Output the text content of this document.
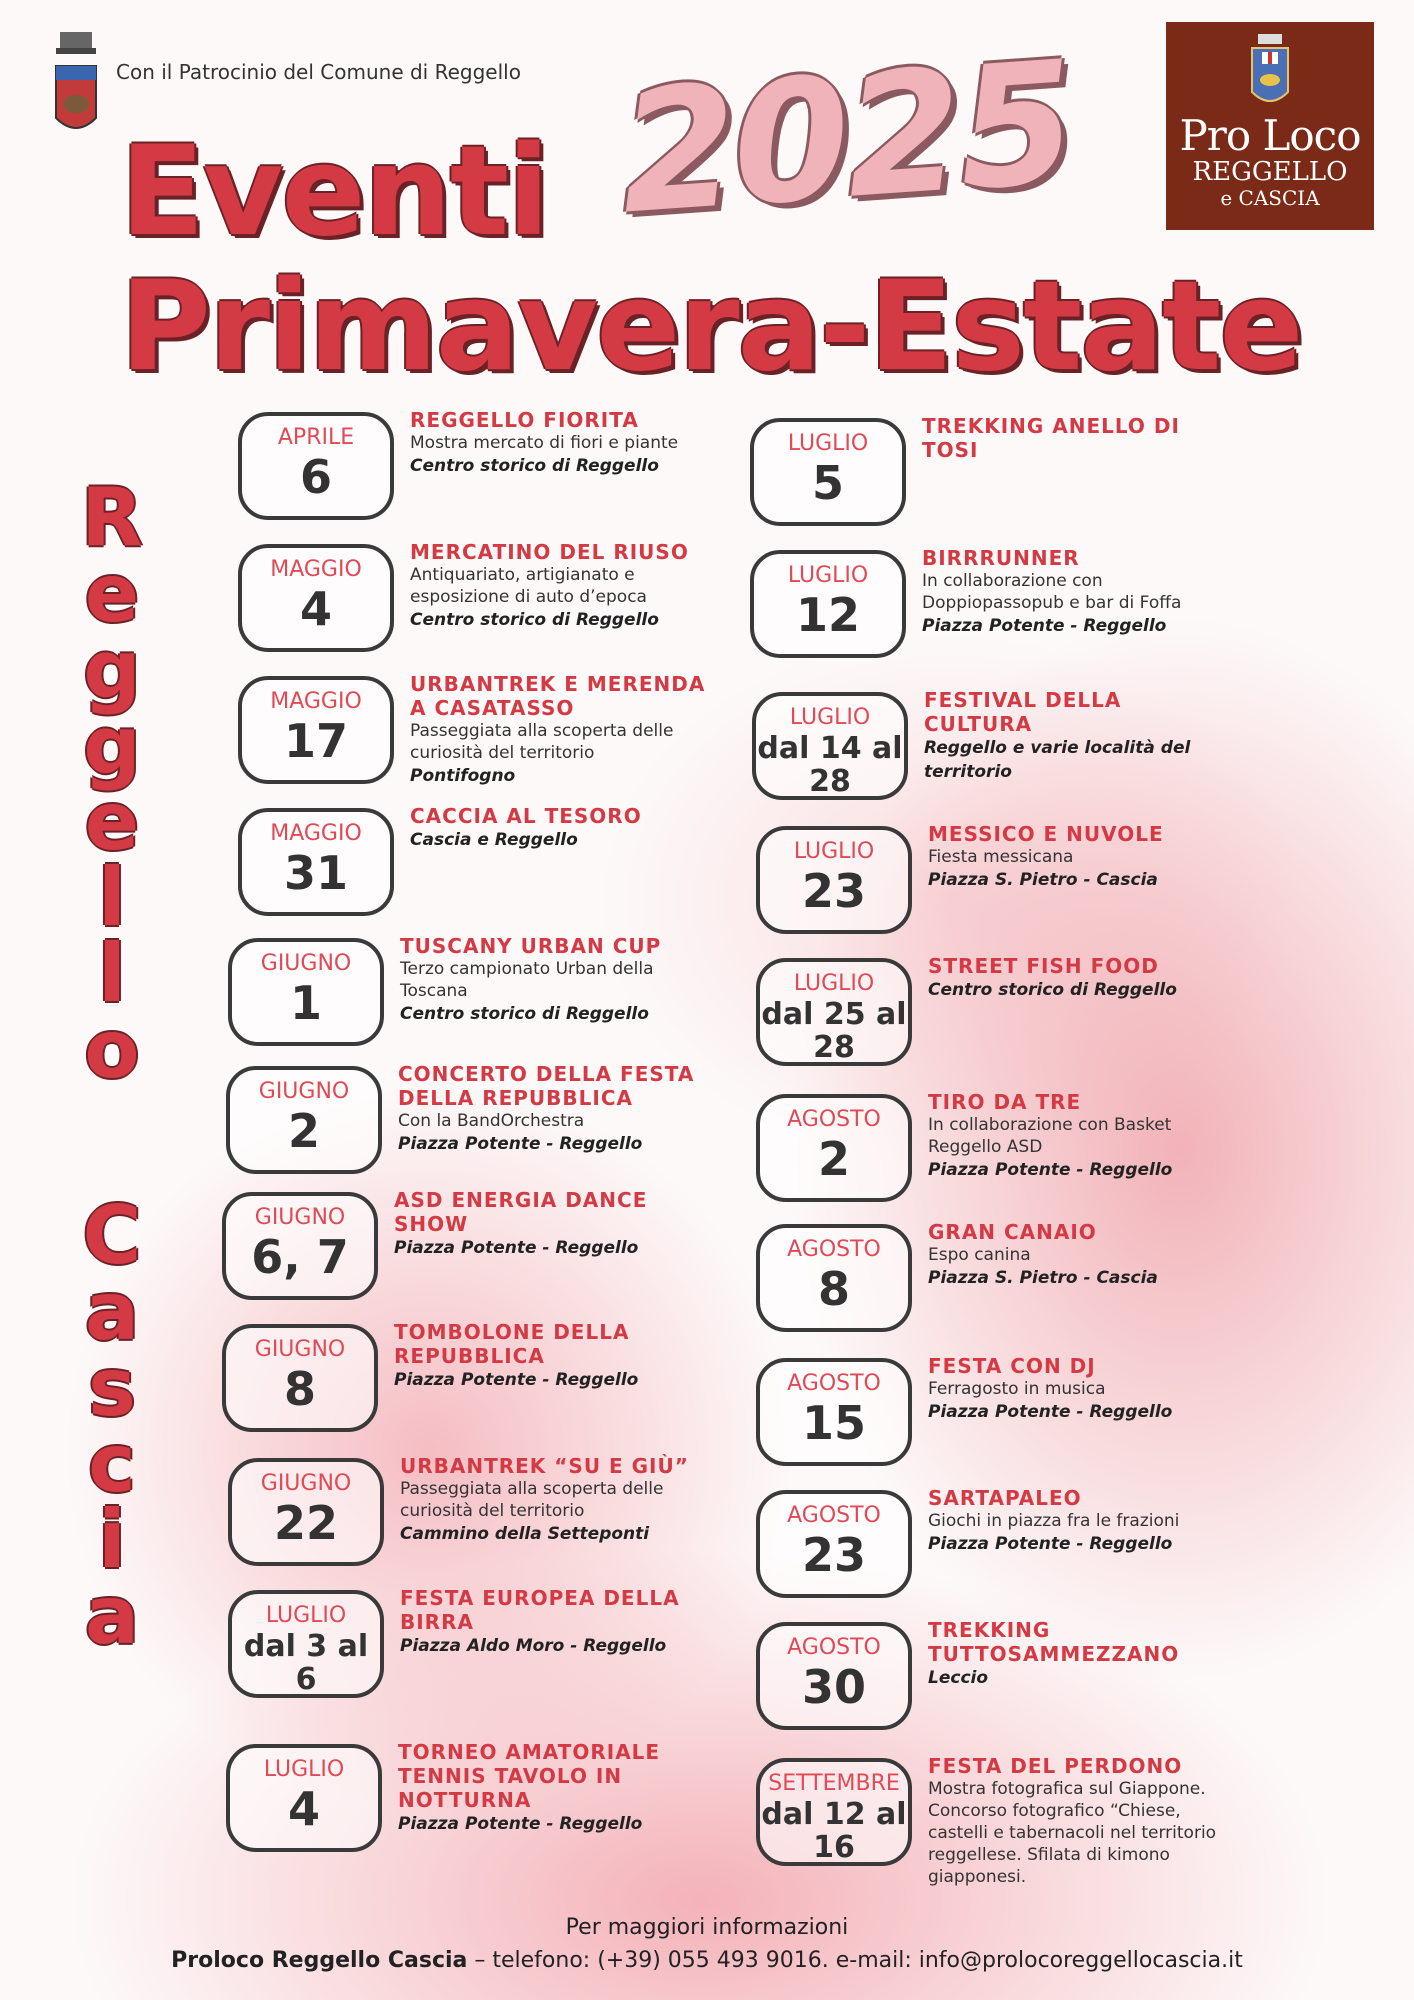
Con il Patrocinio del Comune di Reggello 2025
Eventi
Primavera-Estate
Pro Loco
REGGELLO
e CASCIA
R
e
g
g
e
l
l
o
C
a
s
c
i
a
APRILE
6
REGGELLO FIORITA
Mostra mercato di fiori e piante
Centro storico di Reggello
MAGGIO
4
MERCATINO DEL RIUSO
Antiquariato, artigianato e esposizione di auto d’epoca
Centro storico di Reggello
MAGGIO
17
URBANTREK E MERENDA A CASATASSO
Passeggiata alla scoperta delle curiosità del territorio
Pontifogno
MAGGIO
31
CACCIA AL TESORO
Cascia e Reggello
GIUGNO
1
TUSCANY URBAN CUP
Terzo campionato Urban della Toscana
Centro storico di Reggello
GIUGNO
2
CONCERTO DELLA FESTA DELLA REPUBBLICA
Con la BandOrchestra
Piazza Potente - Reggello
GIUGNO
6, 7
ASD ENERGIA DANCE SHOW
Piazza Potente - Reggello
GIUGNO
8
TOMBOLONE DELLA REPUBBLICA
Piazza Potente - Reggello
GIUGNO
22
URBANTREK “SU E GIÙ”
Passeggiata alla scoperta delle curiosità del territorio
Cammino della Setteponti
LUGLIO
dal 3 al 6
FESTA EUROPEA DELLA BIRRA
Piazza Aldo Moro - Reggello
LUGLIO
4
TORNEO AMATORIALE TENNIS TAVOLO IN NOTTURNA
Piazza Potente - Reggello
LUGLIO
5
TREKKING ANELLO DI TOSI
LUGLIO
12
BIRRRUNNER
In collaborazione con Doppiopassopub e bar di Foffa
Piazza Potente - Reggello
LUGLIO
dal 14 al 28
FESTIVAL DELLA CULTURA
Reggello e varie località del territorio
LUGLIO
23
MESSICO E NUVOLE
Fiesta messicana
Piazza S. Pietro - Cascia
LUGLIO
dal 25 al 28
STREET FISH FOOD
Centro storico di Reggello
AGOSTO
2
TIRO DA TRE
In collaborazione con Basket Reggello ASD
Piazza Potente - Reggello
AGOSTO
8
GRAN CANAIO
Espo canina
Piazza S. Pietro - Cascia
AGOSTO
15
FESTA CON DJ
Ferragosto in musica
Piazza Potente - Reggello
AGOSTO
23
SARTAPALEO
Giochi in piazza fra le frazioni
Piazza Potente - Reggello
AGOSTO
30
TREKKING TUTTOSAMMEZZANO
Leccio
SETTEMBRE
dal 12 al 16
FESTA DEL PERDONO
Mostra fotografica sul Giappone. Concorso fotografico “Chiese, castelli e tabernacoli nel territorio reggellese. Sfilata di kimono giapponesi.
Per maggiori informazioni
Proloco Reggello Cascia – telefono: (+39) 055 493 9016. e-mail: info@prolocoreggellocascia.it
